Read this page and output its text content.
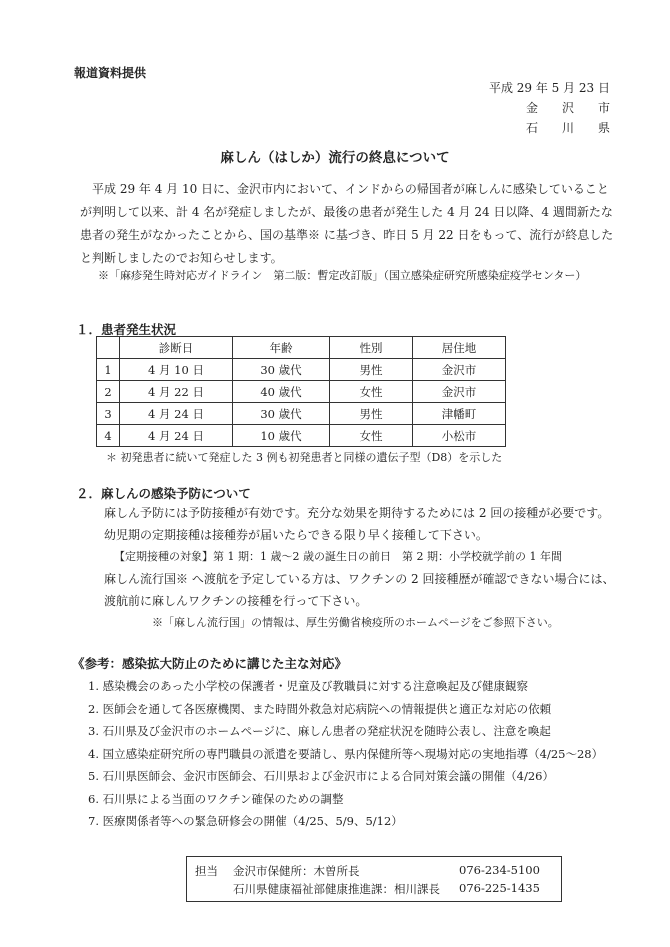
報道資料提供
平成 29 年 5 月 23 日
金　　沢　　市
石　　川　　県
麻しん（はしか）流行の終息について

平成 29 年 4 月 10 日に、金沢市内において、インドからの帰国者が麻しんに感染していることが判明して以来、計 4 名が発症しましたが、最後の患者が発生した 4 月 24 日以降、4 週間新たな患者の発生がなかったことから、国の基準※ に基づき、昨日 5 月 22 日をもって、流行が終息したと判断しましたのでお知らせします。

※「麻疹発生時対応ガイドライン　第二版：暫定改訂版」（国立感染症研究所感染症疫学センター）
１．患者発生状況
	診断日	年齢	性別	居住地
1	4 月 10 日	30 歳代	男性	金沢市
2	4 月 22 日	40 歳代	女性	金沢市
3	4 月 24 日	30 歳代	男性	津幡町
4	4 月 24 日	10 歳代	女性	小松市
＊ 初発患者に続いて発症した 3 例も初発患者と同様の遺伝子型（D8）を示した
２．麻しんの感染予防について

麻しん予防には予防接種が有効です。充分な効果を期待するためには 2 回の接種が必要です。

幼児期の定期接種は接種券が届いたらできる限り早く接種して下さい。

【定期接種の対象】第 1 期：1 歳～2 歳の誕生日の前日　第 2 期：小学校就学前の 1 年間

麻しん流行国※ へ渡航を予定している方は、ワクチンの 2 回接種歴が確認できない場合には、

渡航前に麻しんワクチンの接種を行って下さい。

※「麻しん流行国」の情報は、厚生労働省検疫所のホームページをご参照下さい。

《参考：感染拡大防止のために講じた主な対応》
1. 感染機会のあった小学校の保護者・児童及び教職員に対する注意喚起及び健康観察
2. 医師会を通して各医療機関、また時間外救急対応病院への情報提供と適正な対応の依頼
3. 石川県及び金沢市のホームページに、麻しん患者の発症状況を随時公表し、注意を喚起
4. 国立感染症研究所の専門職員の派遣を要請し、県内保健所等へ現場対応の実地指導（4/25～28）
5. 石川県医師会、金沢市医師会、石川県および金沢市による合同対策会議の開催（4/26）
6. 石川県による当面のワクチン確保のための調整
7. 医療関係者等への緊急研修会の開催（4/25、5/9、5/12）
担当 金沢市保健所：木曽所長	076-234-5100
石川県健康福祉部健康推進課：相川課長 076-225-1435
